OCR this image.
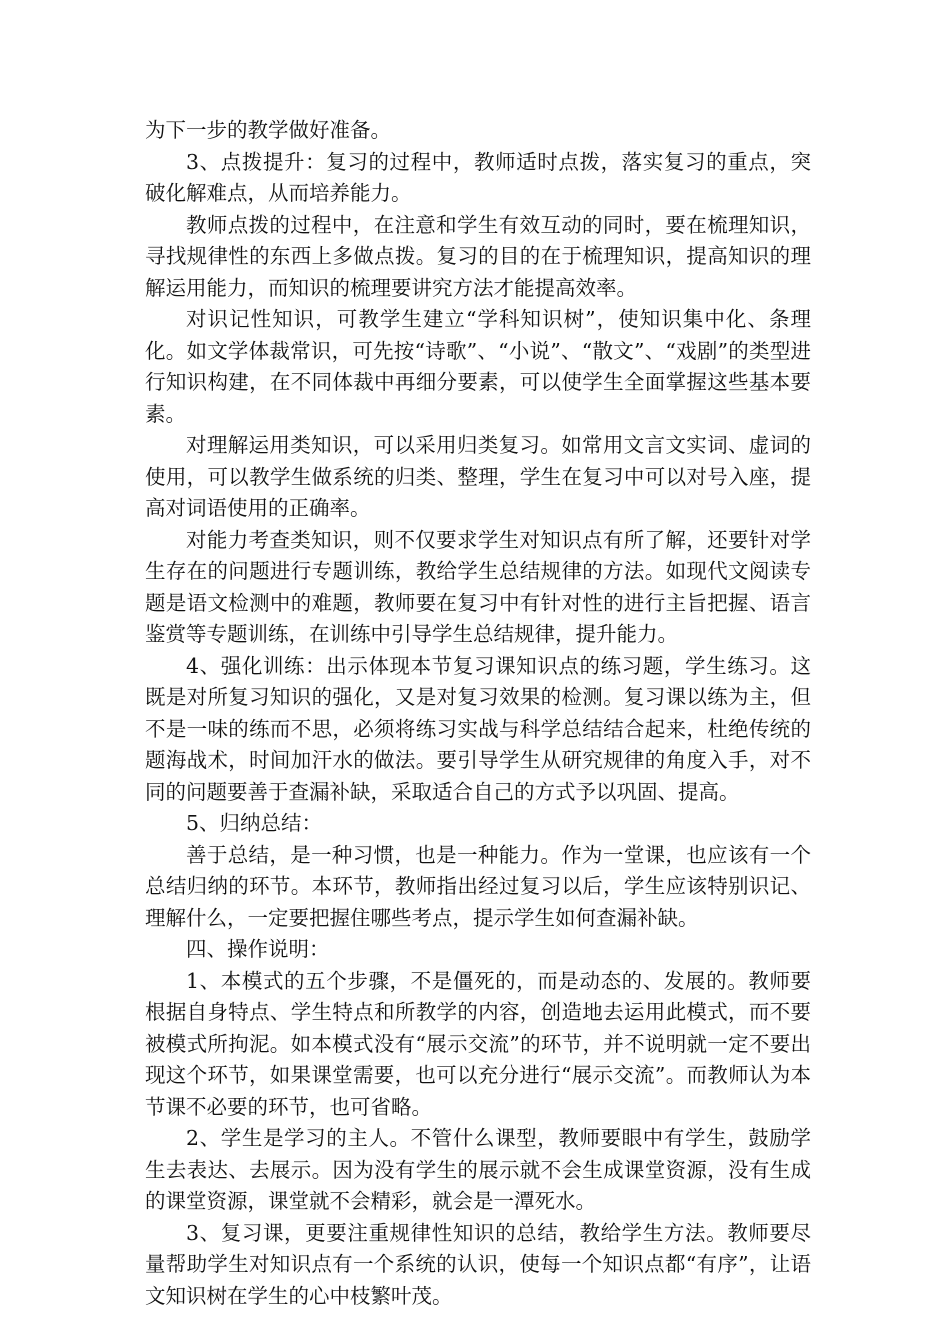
为下一步的教学做好准备。

3、点拨提升：复习的过程中，教师适时点拨，落实复习的重点，突破化解难点，从而培养能力。

教师点拨的过程中，在注意和学生有效互动的同时，要在梳理知识，寻找规律性的东西上多做点拨。复习的目的在于梳理知识，提高知识的理解运用能力，而知识的梳理要讲究方法才能提高效率。

对识记性知识，可教学生建立“学科知识树”，使知识集中化、条理化。如文学体裁常识，可先按“诗歌”、“小说”、“散文”、“戏剧”的类型进行知识构建，在不同体裁中再细分要素，可以使学生全面掌握这些基本要素。

对理解运用类知识，可以采用归类复习。如常用文言文实词、虚词的使用，可以教学生做系统的归类、整理，学生在复习中可以对号入座，提高对词语使用的正确率。

对能力考查类知识，则不仅要求学生对知识点有所了解，还要针对学生存在的问题进行专题训练，教给学生总结规律的方法。如现代文阅读专题是语文检测中的难题，教师要在复习中有针对性的进行主旨把握、语言鉴赏等专题训练，在训练中引导学生总结规律，提升能力。

4、强化训练：出示体现本节复习课知识点的练习题，学生练习。这既是对所复习知识的强化，又是对复习效果的检测。复习课以练为主，但不是一味的练而不思，必须将练习实战与科学总结结合起来，杜绝传统的题海战术，时间加汗水的做法。要引导学生从研究规律的角度入手，对不同的问题要善于查漏补缺，采取适合自己的方式予以巩固、提高。

5、归纳总结：

善于总结，是一种习惯，也是一种能力。作为一堂课，也应该有一个总结归纳的环节。本环节，教师指出经过复习以后，学生应该特别识记、理解什么，一定要把握住哪些考点，提示学生如何查漏补缺。

四、操作说明：

1、本模式的五个步骤，不是僵死的，而是动态的、发展的。教师要根据自身特点、学生特点和所教学的内容，创造地去运用此模式，而不要被模式所拘泥。如本模式没有“展示交流”的环节，并不说明就一定不要出现这个环节，如果课堂需要，也可以充分进行“展示交流”。而教师认为本节课不必要的环节，也可省略。

2、学生是学习的主人。不管什么课型，教师要眼中有学生，鼓励学生去表达、去展示。因为没有学生的展示就不会生成课堂资源，没有生成的课堂资源，课堂就不会精彩，就会是一潭死水。

3、复习课，更要注重规律性知识的总结，教给学生方法。教师要尽量帮助学生对知识点有一个系统的认识，使每一个知识点都“有序”，让语文知识树在学生的心中枝繁叶茂。
